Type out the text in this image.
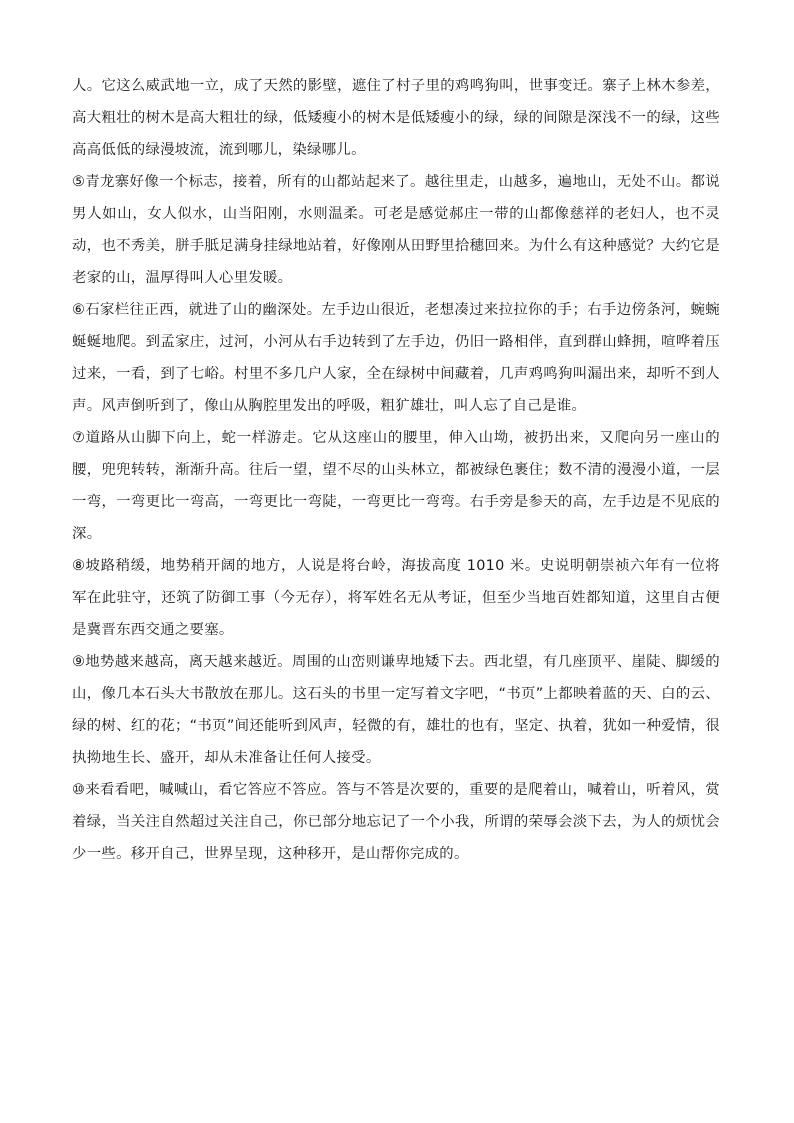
人。它这么威武地一立，成了天然的影壁，遮住了村子里的鸡鸣狗叫，世事变迁。寨子上林木参差，高大粗壮的树木是高大粗壮的绿，低矮瘦小的树木是低矮瘦小的绿，绿的间隙是深浅不一的绿，这些高高低低的绿漫坡流，流到哪儿，染绿哪儿。

⑤青龙寨好像一个标志，接着，所有的山都站起来了。越往里走，山越多，遍地山，无处不山。都说男人如山，女人似水，山当阳刚，水则温柔。可老是感觉郝庄一带的山都像慈祥的老妇人，也不灵动，也不秀美，胼手胝足满身挂绿地站着，好像刚从田野里拾穗回来。为什么有这种感觉？大约它是老家的山，温厚得叫人心里发暖。

⑥石家栏往正西，就进了山的幽深处。左手边山很近，老想凑过来拉拉你的手；右手边傍条河，蜿蜿蜒蜒地爬。到孟家庄，过河，小河从右手边转到了左手边，仍旧一路相伴，直到群山蜂拥，喧哗着压过来，一看，到了七峪。村里不多几户人家，全在绿树中间藏着，几声鸡鸣狗叫漏出来，却听不到人声。风声倒听到了，像山从胸腔里发出的呼吸，粗犷雄壮，叫人忘了自己是谁。

⑦道路从山脚下向上，蛇一样游走。它从这座山的腰里，伸入山坳，被扔出来，又爬向另一座山的腰，兜兜转转，渐渐升高。往后一望，望不尽的山头林立，都被绿色裹住；数不清的漫漫小道，一层一弯，一弯更比一弯高，一弯更比一弯陡，一弯更比一弯弯。右手旁是参天的高，左手边是不见底的深。

⑧坡路稍缓，地势稍开阔的地方，人说是将台岭，海拔高度 1010 米。史说明朝崇祯六年有一位将军在此驻守，还筑了防御工事（今无存），将军姓名无从考证，但至少当地百姓都知道，这里自古便是冀晋东西交通之要塞。

⑨地势越来越高，离天越来越近。周围的山峦则谦卑地矮下去。西北望，有几座顶平、崖陡、脚缓的山，像几本石头大书散放在那儿。这石头的书里一定写着文字吧，“书页”上都映着蓝的天、白的云、绿的树、红的花；“书页”间还能听到风声，轻微的有，雄壮的也有，坚定、执着，犹如一种爱情，很执拗地生长、盛开，却从未准备让任何人接受。

⑩来看看吧，喊喊山，看它答应不答应。答与不答是次要的，重要的是爬着山，喊着山，听着风，赏着绿，当关注自然超过关注自己，你已部分地忘记了一个小我，所谓的荣辱会淡下去，为人的烦忧会少一些。移开自己，世界呈现，这种移开，是山帮你完成的。
